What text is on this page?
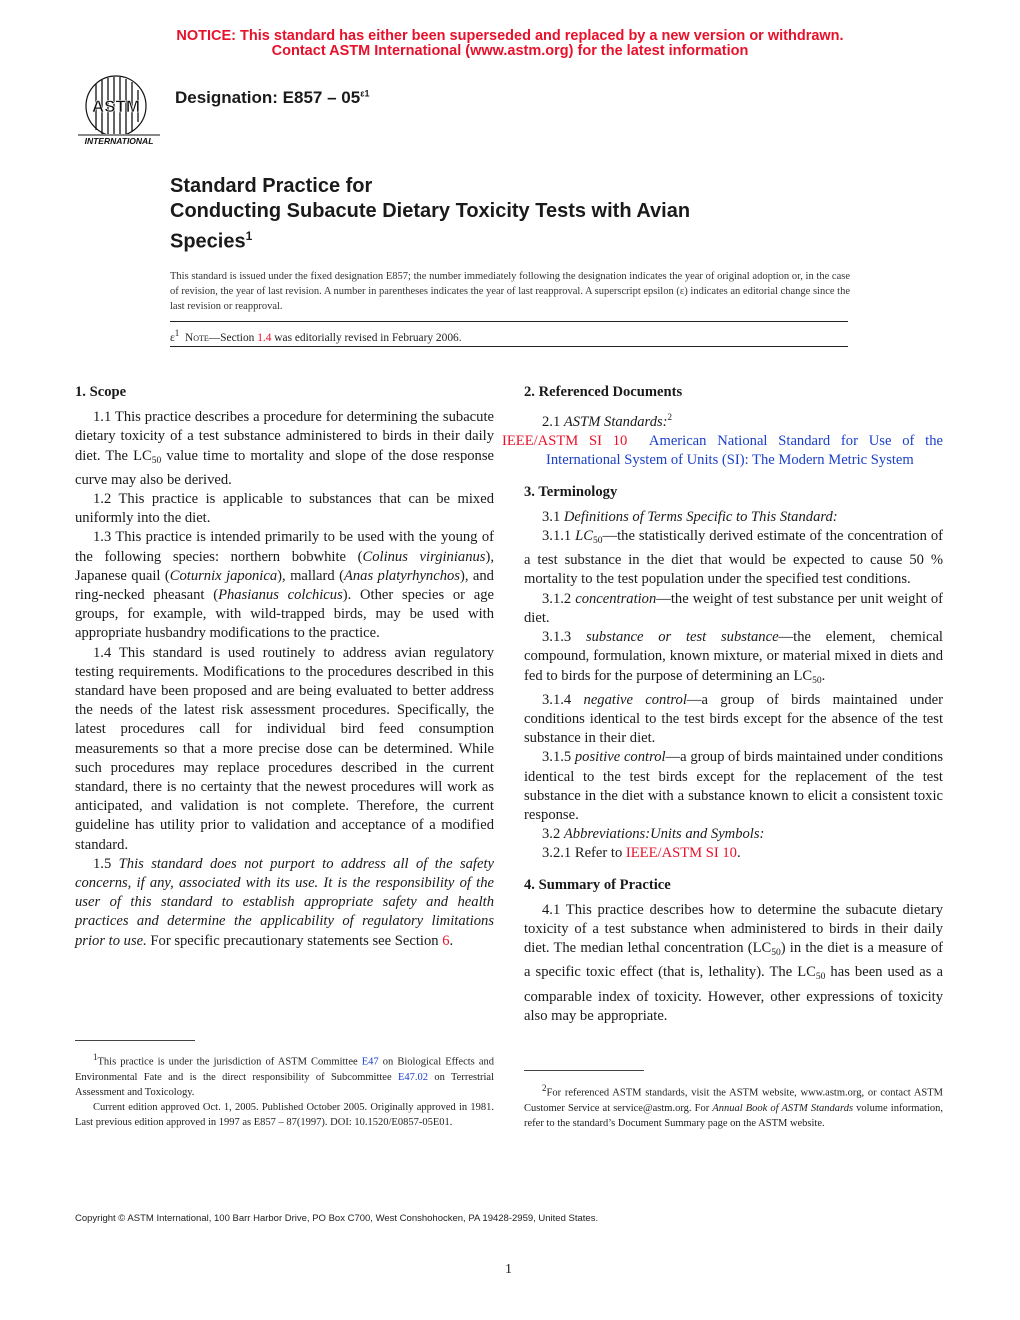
NOTICE: This standard has either been superseded and replaced by a new version or withdrawn.
Contact ASTM International (www.astm.org) for the latest information
INTERNATIONAL
ASTM Designation: $E857 - 05^{\varepsilon 1}$
Standard Practice for
Conducting Subacute Dietary Toxicity Tests with Avian
Species$^1$
This standard is issued under the fixed designation E857; the number immediately following the designation indicates the year of original adoption or, in the case of revision, the year of last revision. A number in parentheses indicates the year of last reapproval. A superscript epsilon (ε) indicates an editorial change since the last revision or reapproval.
$\varepsilon^1$ Note—Section 1.4 was editorially revised in February 2006.
1. Scope

1.1 This practice describes a procedure for determining the subacute dietary toxicity of a test substance administered to birds in their daily diet. The $LC_{50}$ value time to mortality and slope of the dose response curve may also be derived.

1.2 This practice is applicable to substances that can be mixed uniformly into the diet.

1.3 This practice is intended primarily to be used with the young of the following species: northern bobwhite (Colinus virginianus), Japanese quail (Coturnix japonica), mallard (Anas platyrhynchos), and ring-necked pheasant (Phasianus colchicus). Other species or age groups, for example, with wild-trapped birds, may be used with appropriate husbandry modifications to the practice.

1.4 This standard is used routinely to address avian regulatory testing requirements. Modifications to the procedures described in this standard have been proposed and are being evaluated to better address the needs of the latest risk assessment procedures. Specifically, the latest procedures call for individual bird feed consumption measurements so that a more precise dose can be determined. While such procedures may replace procedures described in the current standard, there is no certainty that the newest procedures will work as anticipated, and validation is not complete. Therefore, the current guideline has utility prior to validation and acceptance of a modified standard.

1.5 This standard does not purport to address all of the safety concerns, if any, associated with its use. It is the responsibility of the user of this standard to establish appropriate safety and health practices and determine the applicability of regulatory limitations prior to use. For specific precautionary statements see Section 6.

$^1$This practice is under the jurisdiction of ASTM Committee E47 on Biological Effects and Environmental Fate and is the direct responsibility of Subcommittee E47.02 on Terrestrial Assessment and Toxicology.

Current edition approved Oct. 1, 2005. Published October 2005. Originally approved in 1981. Last previous edition approved in 1997 as E857 – 87(1997). DOI: 10.1520/E0857-05E01.

2. Referenced Documents

2.1 ASTM Standards:$^2$

IEEE/ASTM SI 10 American National Standard for Use of the International System of Units (SI): The Modern Metric System

3. Terminology

3.1 Definitions of Terms Specific to This Standard:

3.1.1 $LC_{50}—the$ statistically derived estimate of the concentration of a test substance in the diet that would be expected to cause 50 % mortality to the test population under the specified test conditions.

3.1.2 concentration—the weight of test substance per unit weight of diet.

3.1.3 substance or test substance—the element, chemical compound, formulation, known mixture, or material mixed in diets and fed to birds for the purpose of determining an $LC_{50}$.

3.1.4 negative control—a group of birds maintained under conditions identical to the test birds except for the absence of the test substance in their diet.

3.1.5 positive control—a group of birds maintained under conditions identical to the test birds except for the replacement of the test substance in the diet with a substance known to elicit a consistent toxic response.

3.2 Abbreviations:Units and Symbols:

3.2.1 Refer to IEEE/ASTM SI 10.

4. Summary of Practice

4.1 This practice describes how to determine the subacute dietary toxicity of a test substance when administered to birds in their daily diet. The median lethal concentration $(LC_{50})$ in the diet is a measure of a specific toxic effect (that is, lethality). The $LC_{50}$ has been used as a comparable index of toxicity. However, other expressions of toxicity also may be appropriate.

$^2$For referenced ASTM standards, visit the ASTM website, www.astm.org, or contact ASTM Customer Service at service@astm.org. For Annual Book of ASTM Standards volume information, refer to the standard’s Document Summary page on the ASTM website.

Copyright © ASTM International, 100 Barr Harbor Drive, PO Box C700, West Conshohocken, PA 19428-2959, United States.
1
